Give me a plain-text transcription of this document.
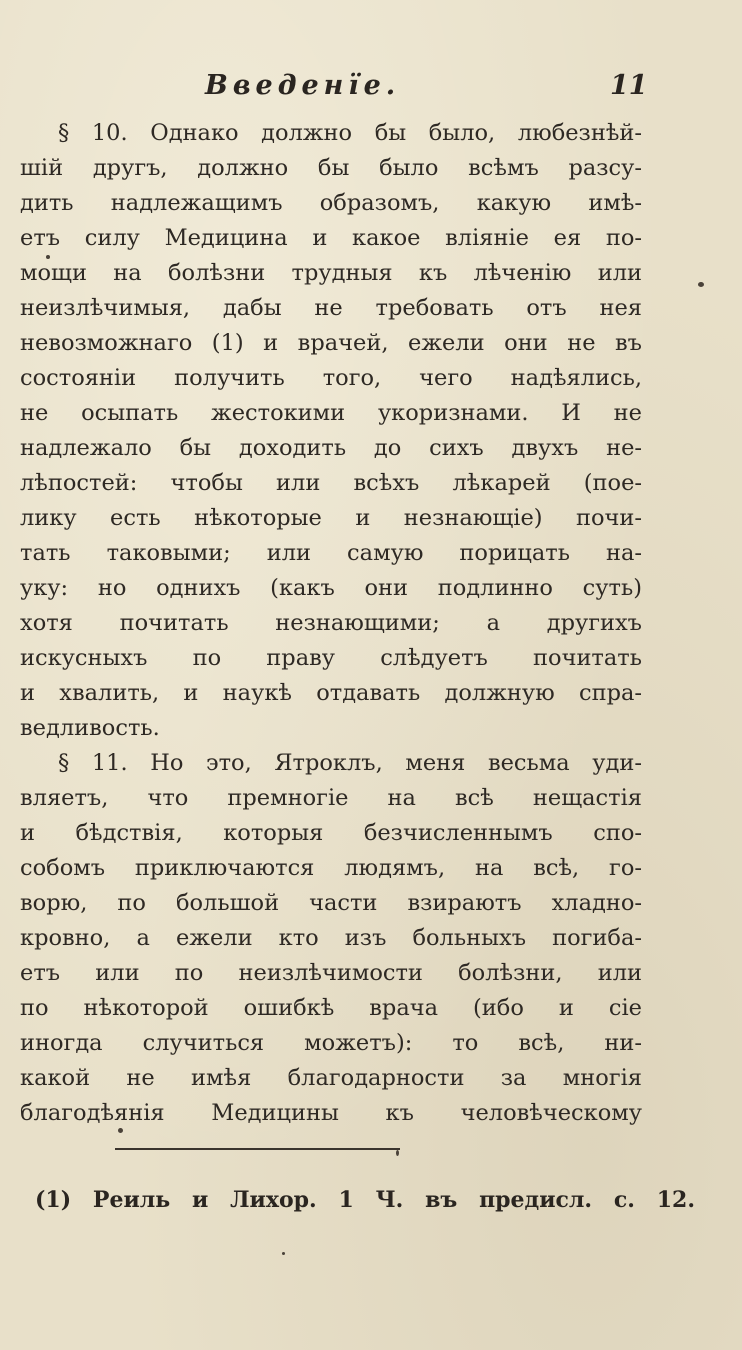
Введенїе.	11
§ 10. Однако должно бы было, любезнѣй-
шiй другъ, должно бы было всѣмъ разсу-
дить надлежащимъ образомъ, какую имѣ-
етъ силу Медицина и какое влiянiе ея по-
мощи на болѣзни трудныя къ лѣченiю или
неизлѣчимыя, дабы не требовать отъ нея
невозможнаго (1) и врачей, ежели они не въ
состоянiи получить того, чего надѣялись,
не осыпать жестокими укоризнами. И не
надлежало бы доходить до сихъ двухъ не-
лѣпостей: чтобы или всѣхъ лѣкарей (пое-
лику есть нѣкоторые и незнающiе) почи-
тать таковыми; или самую порицать на-
уку: но однихъ (какъ они подлинно суть)
хотя почитать незнающими; а другихъ
искусныхъ по праву слѣдуетъ почитать
и хвалить, и наукѣ отдавать должную спра-
ведливость.
§ 11. Но это, Ятроклъ, меня весьма уди-
вляетъ, что премногiе на всѣ нещастiя
и бѣдствiя, которыя безчисленнымъ спо-
собомъ приключаются людямъ, на всѣ, го-
ворю, по большой части взираютъ хладно-
кровно, а ежели кто изъ больныхъ погиба-
етъ или по неизлѣчимости болѣзни, или
по нѣкоторой ошибкѣ врача (ибо и сiе
иногда случиться можетъ): то всѣ, ни-
какой не имѣя благодарности за многiя
благодѣянiя Медицины къ человѣческому
(1) Реиль и Лихор. 1 Ч. въ предисл. с. 12.
